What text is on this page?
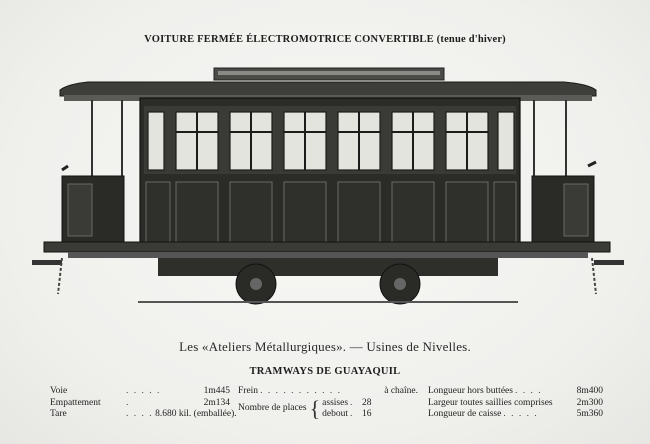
VOITURE FERMÉE ÉLECTROMOTRICE CONVERTIBLE (tenue d'hiver)
Les «Ateliers Métallurgiques». — Usines de Nivelles.
TRAMWAYS DE GUAYAQUIL
Voie	. . . . .	1m445
Empattement	.	2m134
Tare	. . . . 8.680 kil. (emballée).
Frein . . . . . . . . . . .	à chaîne.
Nombre de places { assises . 28
debout . 16
Longueur hors buttées . . . .	8m400
Largeur toutes saillies comprises	2m300
Longueur de caisse . . . . .	5m360
